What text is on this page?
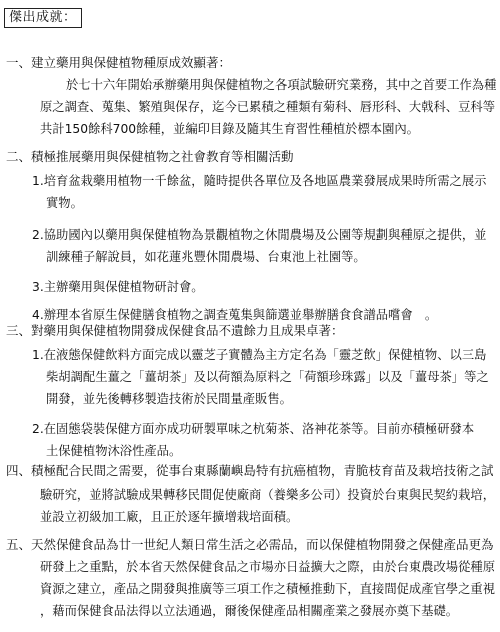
傑出成就：
一、建立藥用與保健植物種原成效顯著：
於七十六年開始承辦藥用與保健植物之各項試驗研究業務，其中之首要工作為種
原之調查、蒐集、繁殖與保存，迄今已累積之種類有菊科、唇形科、大戟科、豆科等
共計150餘科700餘種，並編印目錄及隨其生育習性種植於標本園內。
二、積極推展藥用與保健植物之社會教育等相關活動
1.培育盆栽藥用植物一千餘盆，隨時提供各單位及各地區農業發展成果時所需之展示
實物。
2.協助國內以藥用與保健植物為景觀植物之休閒農場及公園等規劃與種原之提供，並
訓練種子解說員，如花蓮兆豐休閒農場、台東池上社園等。
3.主辦藥用與保健植物研討會。
4.辦理本省原生保健膳食植物之調查蒐集與篩選並舉辦膳食食譜品嚐會　。
三、對藥用與保健植物開發成保健食品不遺餘力且成果卓著：
1.在液態保健飲料方面完成以靈芝子實體為主方定名為「靈芝飲」保健植物、以三島
柴胡調配生薑之「薑胡茶」及以荷額為原料之「荷額珍珠露」以及「薑母茶」等之
開發，並先後轉移製造技術於民間量產販售。
2.在固態袋裝保健方面亦成功研製單味之杭菊茶、洛神花茶等。目前亦積極研發本
土保健植物沐浴性產品。
四、積極配合民間之需要，從事台東縣蘭嶼島特有抗癌植物，青脆枝育苗及栽培技術之試
驗研究，並將試驗成果轉移民間促使廠商（養樂多公司）投資於台東與民契約栽培，
並設立初級加工廠，且正於逐年擴增栽培面積。
五、天然保健食品為廿一世紀人類日常生活之必需品，而以保健植物開發之保健產品更為
研發上之重點，於本省天然保健食品之市場亦日益擴大之際，由於台東農改場從種原
資源之建立，產品之開發與推廣等三項工作之積極推動下，直接間促成產官學之重視
，藉而保健食品法得以立法通過，爾後保健產品相關產業之發展亦奠下基礎。
